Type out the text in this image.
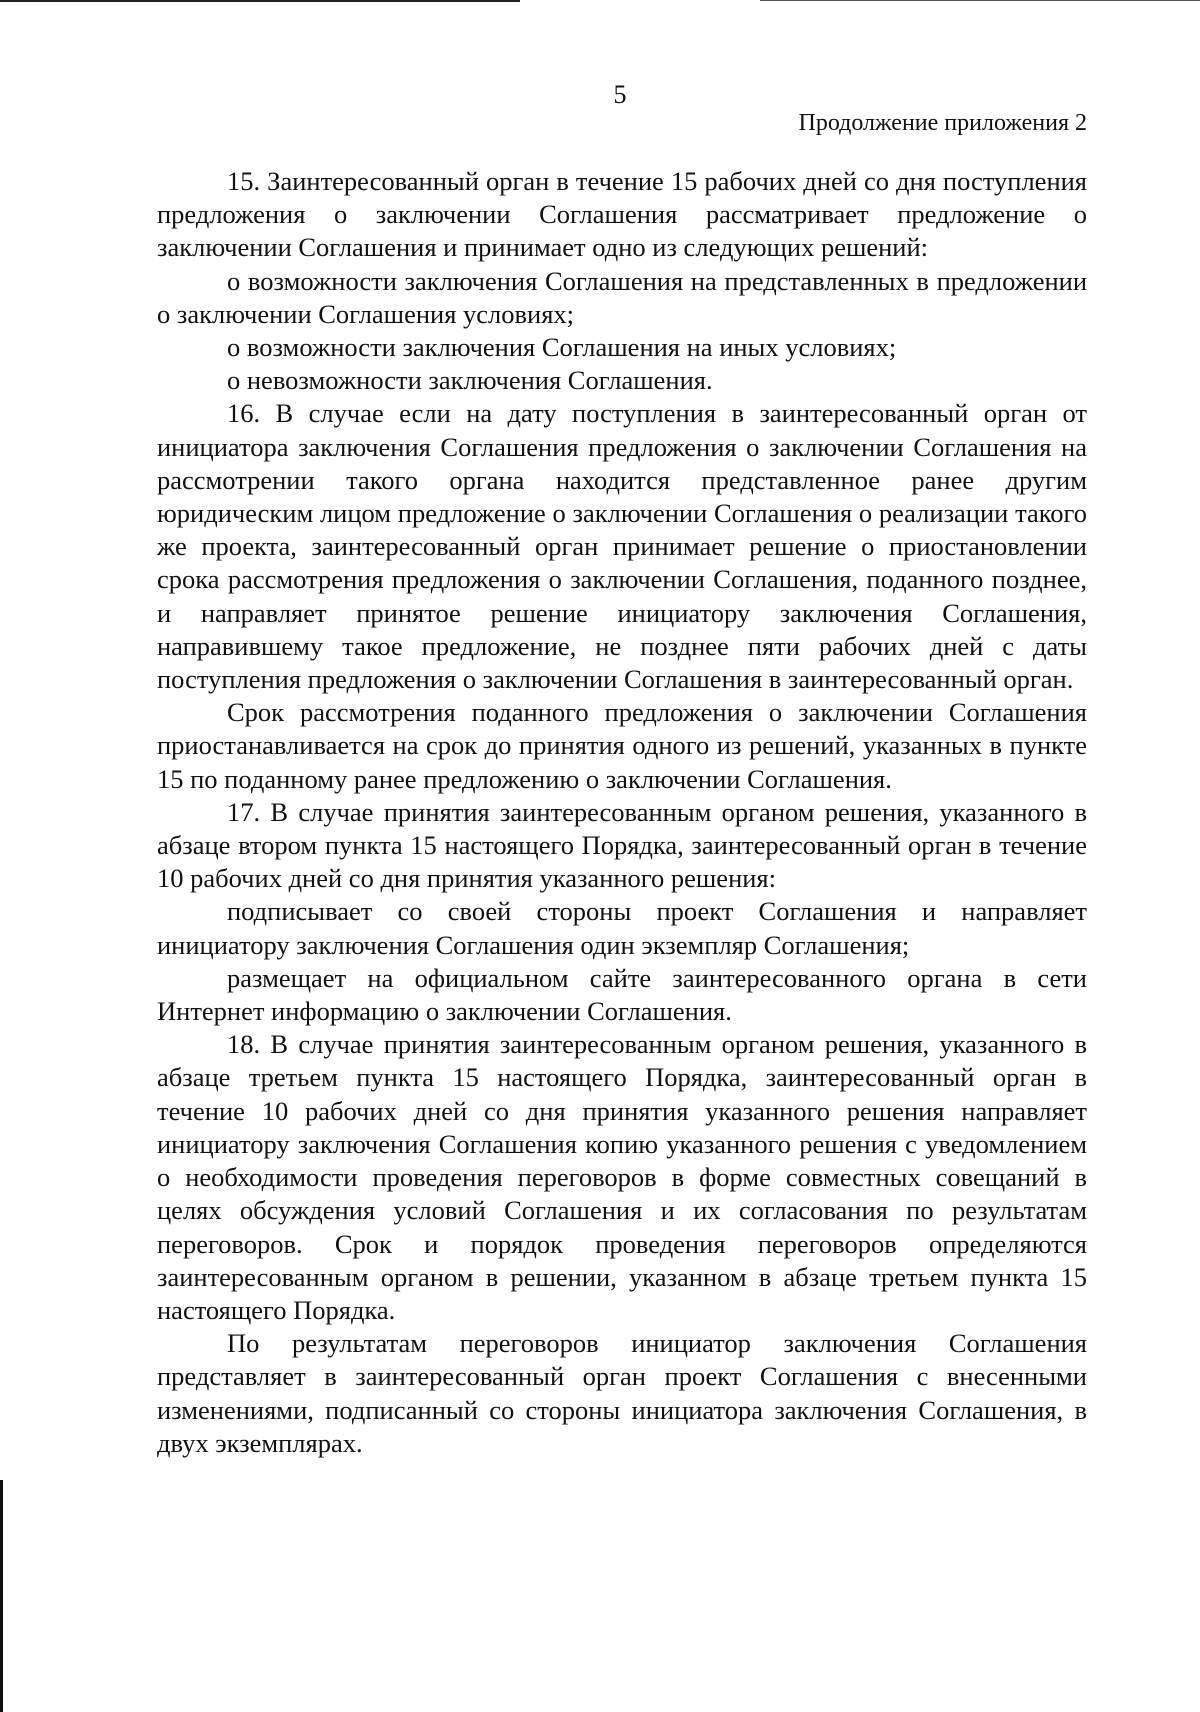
5
Продолжение приложения 2

15. Заинтересованный орган в течение 15 рабочих дней со дня поступления предложения о заключении Соглашения рассматривает предложение о заключении Соглашения и принимает одно из следующих решений:

о возможности заключения Соглашения на представленных в предложении о заключении Соглашения условиях;

о возможности заключения Соглашения на иных условиях;

о невозможности заключения Соглашения.

16. В случае если на дату поступления в заинтересованный орган от инициатора заключения Соглашения предложения о заключении Соглашения на рассмотрении такого органа находится представленное ранее другим юридическим лицом предложение о заключении Соглашения о реализации такого же проекта, заинтересованный орган принимает решение о приостановлении срока рассмотрения предложения о заключении Соглашения, поданного позднее, и направляет принятое решение инициатору заключения Соглашения, направившему такое предложение, не позднее пяти рабочих дней с даты поступления предложения о заключении Соглашения в заинтересованный орган.

Срок рассмотрения поданного предложения о заключении Соглашения приостанавливается на срок до принятия одного из решений, указанных в пункте 15 по поданному ранее предложению о заключении Соглашения.

17. В случае принятия заинтересованным органом решения, указанного в абзаце втором пункта 15 настоящего Порядка, заинтересованный орган в течение 10 рабочих дней со дня принятия указанного решения:

подписывает со своей стороны проект Соглашения и направляет инициатору заключения Соглашения один экземпляр Соглашения;

размещает на официальном сайте заинтересованного органа в сети Интернет информацию о заключении Соглашения.

18. В случае принятия заинтересованным органом решения, указанного в абзаце третьем пункта 15 настоящего Порядка, заинтересованный орган в течение 10 рабочих дней со дня принятия указанного решения направляет инициатору заключения Соглашения копию указанного решения с уведомлением о необходимости проведения переговоров в форме совместных совещаний в целях обсуждения условий Соглашения и их согласования по результатам переговоров. Срок и порядок проведения переговоров определяются заинтересованным органом в решении, указанном в абзаце третьем пункта 15 настоящего Порядка.

По результатам переговоров инициатор заключения Соглашения представляет в заинтересованный орган проект Соглашения с внесенными изменениями, подписанный со стороны инициатора заключения Соглашения, в двух экземплярах.
